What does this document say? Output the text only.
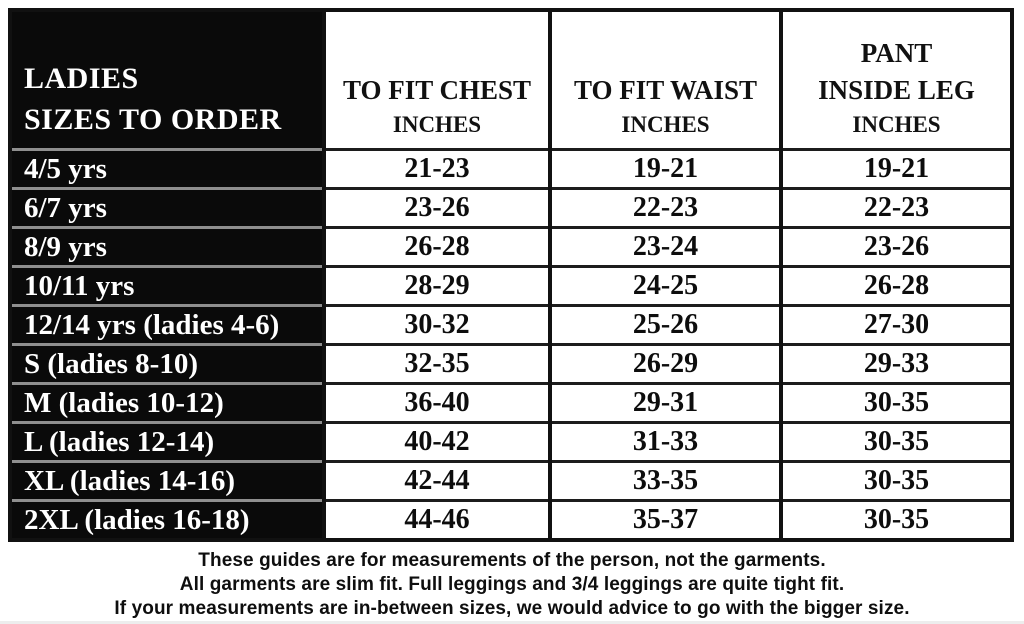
LADIES
SIZES TO ORDER

TO FIT CHEST
INCHES

TO FIT WAIST
INCHES

PANT
INSIDE LEG
INCHES

4/5 yrs	21-23	19-21	19-21
6/7 yrs	23-26	22-23	22-23
8/9 yrs	26-28	23-24	23-26
10/11 yrs	28-29	24-25	26-28
12/14 yrs (ladies 4-6)	30-32	25-26	27-30
S (ladies 8-10)	32-35	26-29	29-33
M (ladies 10-12)	36-40	29-31	30-35
L (ladies 12-14)	40-42	31-33	30-35
XL (ladies 14-16)	42-44	33-35	30-35
2XL (ladies 16-18)	44-46	35-37	30-35
These guides are for measurements of the person, not the garments.
All garments are slim fit. Full leggings and 3/4 leggings are quite tight fit.
If your measurements are in-between sizes, we would advice to go with the bigger size.
